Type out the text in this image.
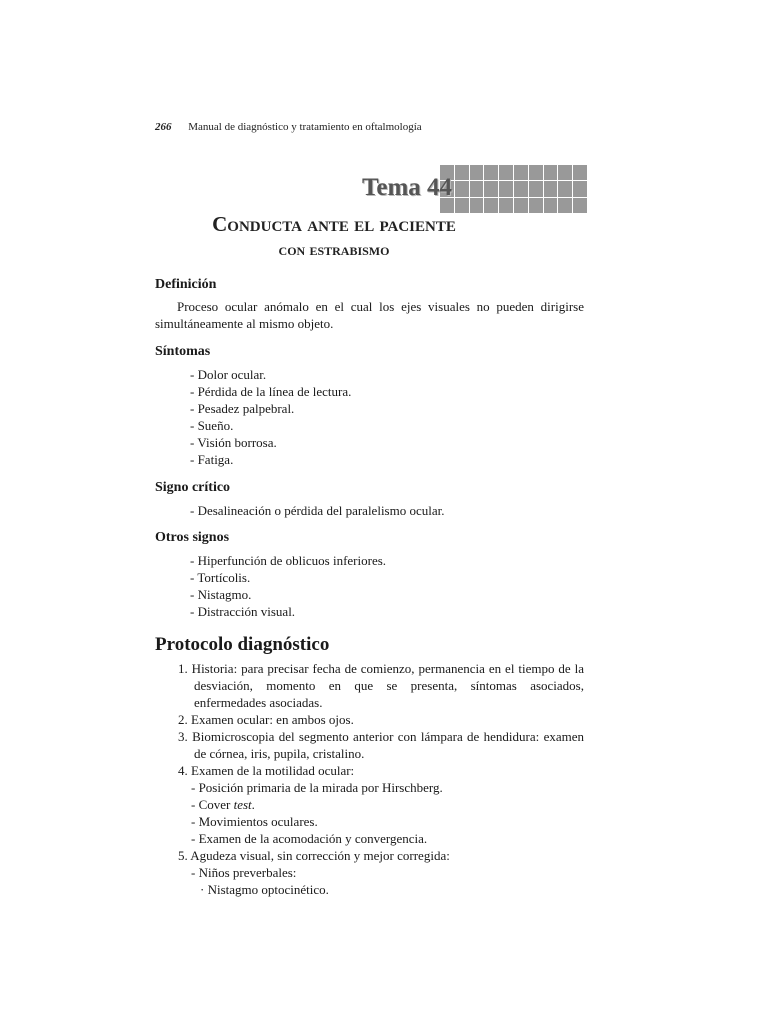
266 Manual de diagnóstico y tratamiento en oftalmología
Tema 44
Conducta ante el paciente
con estrabismo
Definición
Proceso ocular anómalo en el cual los ejes visuales no pueden dirigirse simultáneamente al mismo objeto.
Síntomas
- Dolor ocular.
- Pérdida de la línea de lectura.
- Pesadez palpebral.
- Sueño.
- Visión borrosa.
- Fatiga.
Signo crítico
- Desalineación o pérdida del paralelismo ocular.
Otros signos
- Hiperfunción de oblicuos inferiores.
- Tortícolis.
- Nistagmo.
- Distracción visual.
Protocolo diagnóstico
1. Historia: para precisar fecha de comienzo, permanencia en el tiempo de la desviación, momento en que se presenta, síntomas asociados, enfermedades asociadas.
2. Examen ocular: en ambos ojos.
3. Biomicroscopia del segmento anterior con lámpara de hendidura: examen de córnea, iris, pupila, cristalino.
4. Examen de la motilidad ocular:
- Posición primaria de la mirada por Hirschberg.
- Cover test.
- Movimientos oculares.
- Examen de la acomodación y convergencia.
5. Agudeza visual, sin corrección y mejor corregida:
- Niños preverbales:
· Nistagmo optocinético.
